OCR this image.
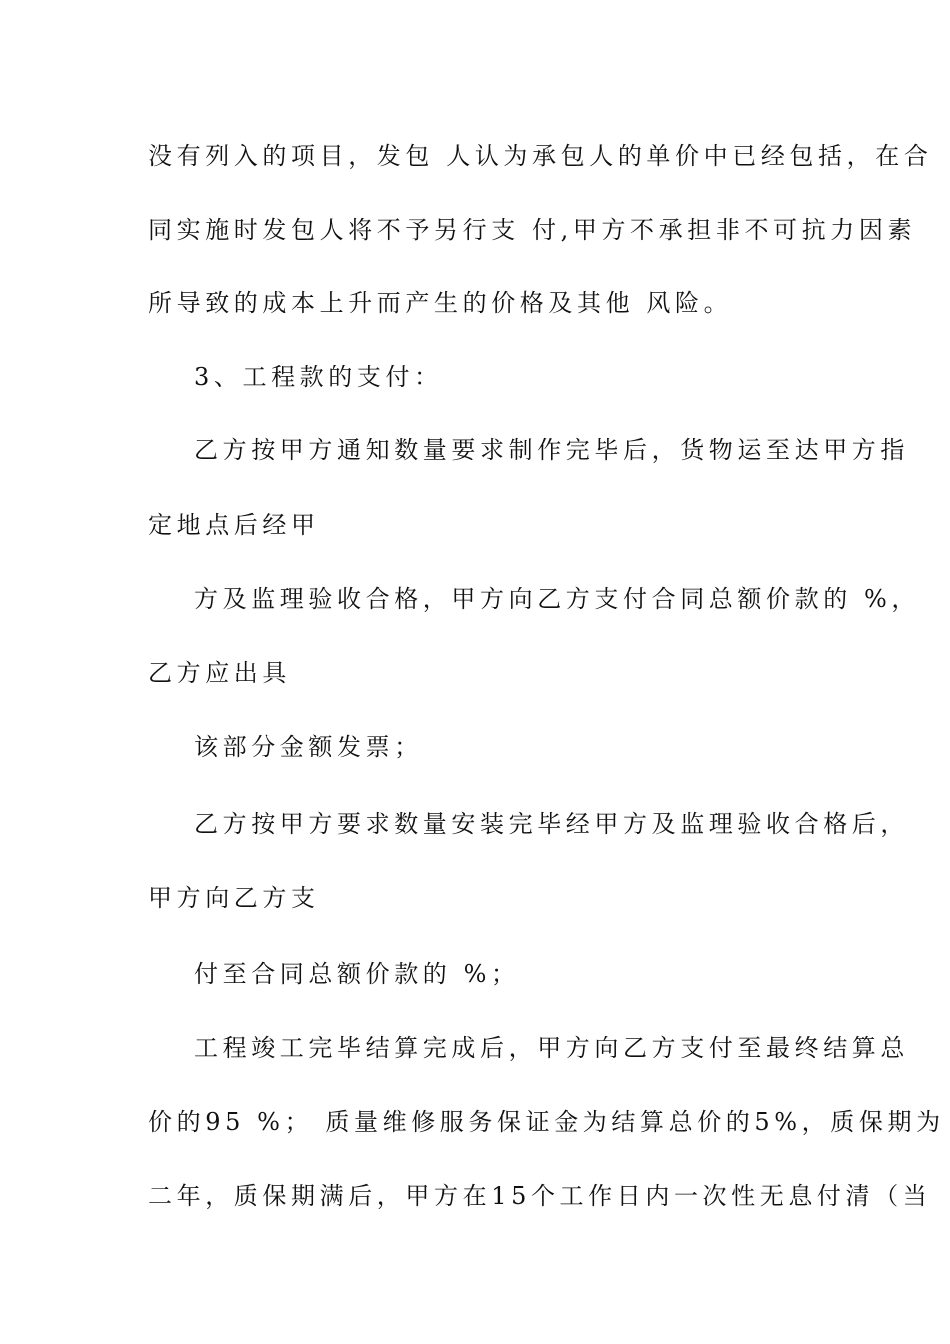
没有列入的项目，发包 人认为承包人的单价中已经包括，在合
同实施时发包人将不予另行支 付,甲方不承担非不可抗力因素
所导致的成本上升而产生的价格及其他 风险。
3、工程款的支付：
乙方按甲方通知数量要求制作完毕后，货物运至达甲方指
定地点后经甲
方及监理验收合格，甲方向乙方支付合同总额价款的 %，
乙方应出具
该部分金额发票；
乙方按甲方要求数量安装完毕经甲方及监理验收合格后，
甲方向乙方支
付至合同总额价款的 %；
工程竣工完毕结算完成后，甲方向乙方支付至最终结算总
价的95 %； 质量维修服务保证金为结算总价的5%，质保期为
二年，质保期满后，甲方在15个工作日内一次性无息付清（当
